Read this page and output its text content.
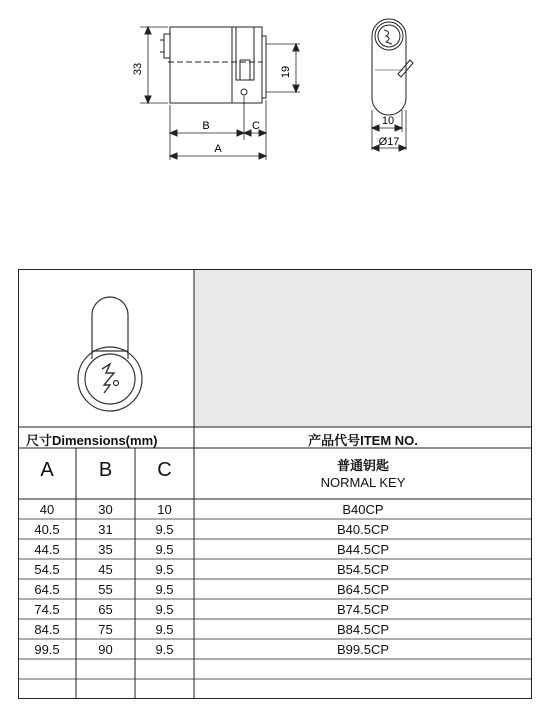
33	19
B	C
A
10
Ø17
尺寸Dimensions(mm)	产品代号ITEM NO.
A	B	C	普通钥匙
NORMAL KEY
40	30	10	B40CP
40.5	31	9.5	B40.5CP
44.5	35	9.5	B44.5CP
54.5	45	9.5	B54.5CP
64.5	55	9.5	B64.5CP
74.5	65	9.5	B74.5CP
84.5	75	9.5	B84.5CP
99.5	90	9.5	B99.5CP
